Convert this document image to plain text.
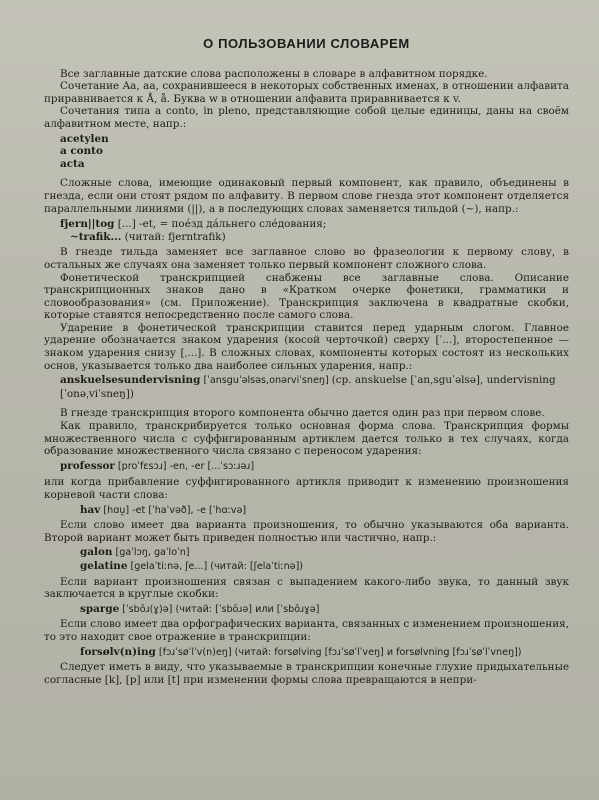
О ПОЛЬЗОВАНИИ СЛОВАРЕМ

Все заглавные датские слова расположены в словаре в алфавитном порядке.

Сочетание Aa, aa, сохранившееся в некоторых собственных именах, в отношении алфавита приравнивается к Å, å. Буква w в отношении алфавита приравнивается к v.

Сочетания типа a conto, in pleno, представляющие собой целые единицы, даны на своём алфавитном месте, напр.:

acetylen
a conto
acta

Сложные слова, имеющие одинаковый первый компонент, как правило, объединены в гнезда, если они стоят рядом по алфавиту. В первом слове гнезда этот компонент отделяется параллельными линиями (||), а в последующих словах заменяется тильдой (~), напр.:

fjern||tog [...] -et, = поéзд дáльнего слéдования;
~trafik... (читай: fjerntrafik)

В гнезде тильда заменяет все заглавное слово во фразеологии к первому слову, в остальных же случаях она заменяет только первый компонент сложного слова.

Фонетической транскрипцией снабжены все заглавные слова. Описание транскрипционных знаков дано в «Кратком очерке фонетики, грамматики и словообразования» (см. Приложение). Транскрипция заключена в квадратные скобки, которые ставятся непосредственно после самого слова.

Ударение в фонетической транскрипции ставится перед ударным слогом. Главное ударение обозначается знаком ударения (косой черточкой) сверху [ˈ...], второстепенное — знаком ударения снизу [ˌ...]. В сложных словах, компоненты которых состоят из нескольких основ, указывается только два наиболее сильных ударения, напр.:

anskuelsesundervisning [ˈansguˈəlsəs,onərviˈsneŋ] (ср. anskuelse [ˈan,sguˈəlsə], undervisning [ˈonəˌviˈsneŋ])

В гнезде транскрипция второго компонента обычно дается один раз при первом слове.

Как правило, транскрибируется только основная форма слова. Транскрипция формы множественного числа с суффигированным артиклем дается только в тех случаях, когда образование множественного числа связано с переносом ударения:

professor [proˈfɛsɔɹ] -en, -er [...ˈsɔːɹəɹ]

или когда прибавление суффигированного артикля приводит к изменению произношения корневой части слова:

hav [hɑu̯] -et [ˈhaˈvəð], -e [ˈhɑːvə]

Если слово имеет два варианта произношения, то обычно указываются оба варианта. Второй вариант может быть приведен полностью или частично, напр.:

galon [gaˈlɔŋ, gaˈloˈn]
gelatine [gelaˈtiːnə, ʃe...] (читай: [ʃelaˈtiːnə])

Если вариант произношения связан с выпадением какого-либо звука, то данный звук заключается в круглые скобки:

sparge [ˈsbōɹ(ɣ)ə] (читай: [ˈsbōɹə] или [ˈsbōɹɣə]

Если слово имеет два орфографических варианта, связанных с изменением произношения, то это находит свое отражение в транскрипции:

forsølv(n)ing [fɔɹˈsøˈlˈv(n)eŋ] (читай: forsølving [fɔɹˈsøˈlˈveŋ] и forsølvning [fɔɹˈsøˈlˈvneŋ])

Следует иметь в виду, что указываемые в транскрипции конечные глухие придыхательные согласные [k], [p] или [t] при изменении формы слова превращаются в непри-
